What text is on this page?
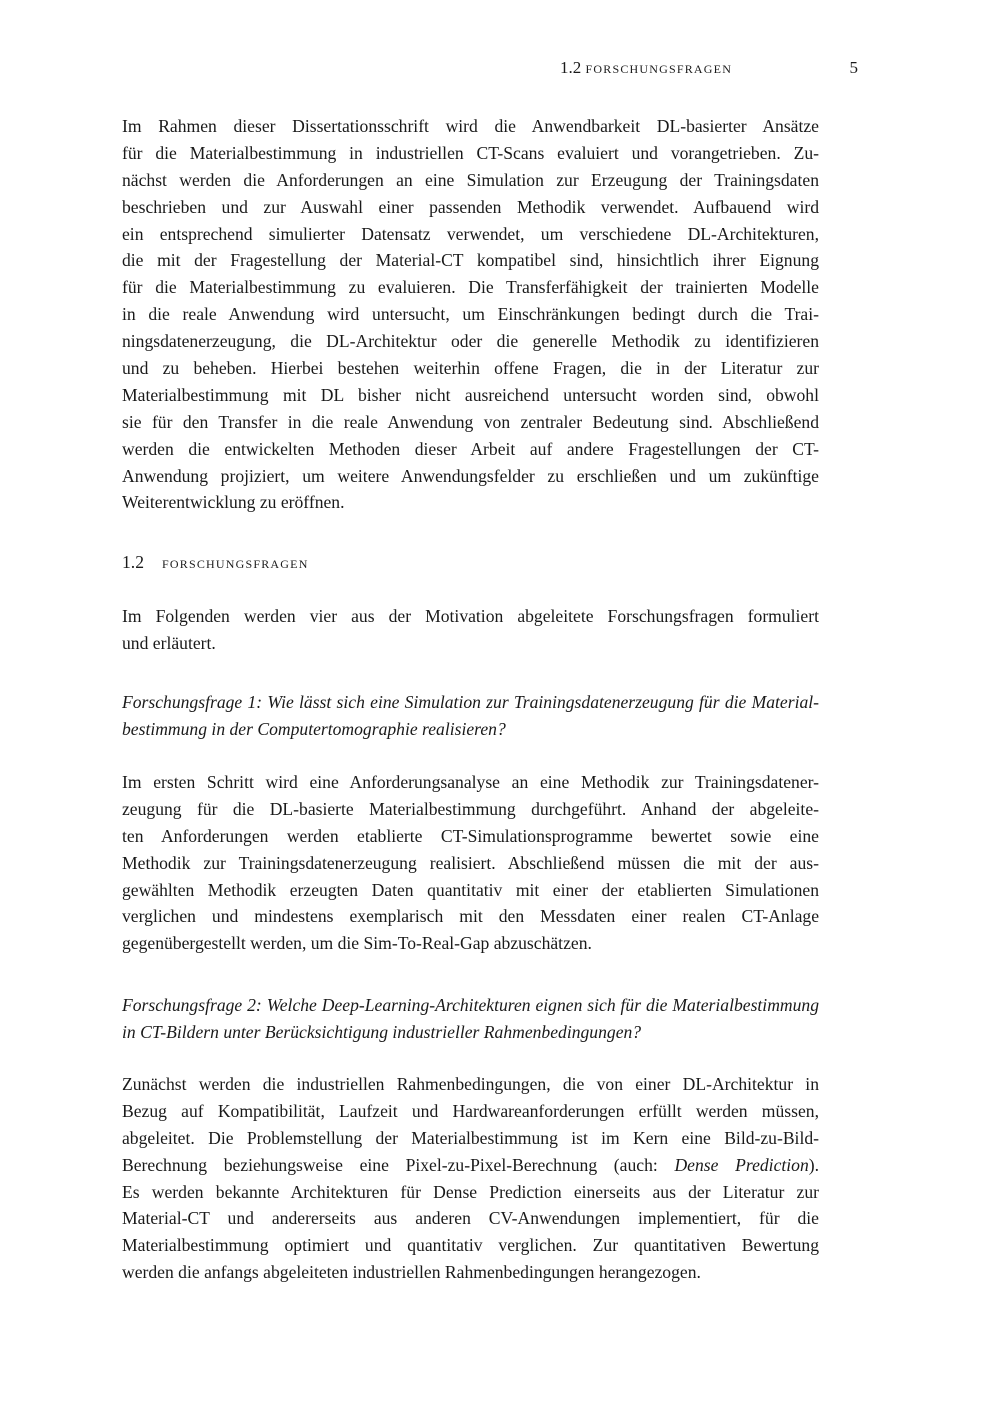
1.2 forschungsfragen	5
Im Rahmen dieser Dissertationsschrift wird die Anwendbarkeit DL-basierter Ansätze
für die Materialbestimmung in industriellen CT-Scans evaluiert und vorangetrieben. Zu-
nächst werden die Anforderungen an eine Simulation zur Erzeugung der Trainingsdaten
beschrieben und zur Auswahl einer passenden Methodik verwendet. Aufbauend wird
ein entsprechend simulierter Datensatz verwendet, um verschiedene DL-Architekturen,
die mit der Fragestellung der Material-CT kompatibel sind, hinsichtlich ihrer Eignung
für die Materialbestimmung zu evaluieren. Die Transferfähigkeit der trainierten Modelle
in die reale Anwendung wird untersucht, um Einschränkungen bedingt durch die Trai-
ningsdatenerzeugung, die DL-Architektur oder die generelle Methodik zu identifizieren
und zu beheben. Hierbei bestehen weiterhin offene Fragen, die in der Literatur zur
Materialbestimmung mit DL bisher nicht ausreichend untersucht worden sind, obwohl
sie für den Transfer in die reale Anwendung von zentraler Bedeutung sind. Abschließend
werden die entwickelten Methoden dieser Arbeit auf andere Fragestellungen der CT-
Anwendung projiziert, um weitere Anwendungsfelder zu erschließen und um zukünftige
Weiterentwicklung zu eröffnen.
1.2 forschungsfragen
Im Folgenden werden vier aus der Motivation abgeleitete Forschungsfragen formuliert
und erläutert.
Forschungsfrage 1: Wie lässt sich eine Simulation zur Trainingsdatenerzeugung für die Material-
bestimmung in der Computertomographie realisieren?
Im ersten Schritt wird eine Anforderungsanalyse an eine Methodik zur Trainingsdatener-
zeugung für die DL-basierte Materialbestimmung durchgeführt. Anhand der abgeleite-
ten Anforderungen werden etablierte CT-Simulationsprogramme bewertet sowie eine
Methodik zur Trainingsdatenerzeugung realisiert. Abschließend müssen die mit der aus-
gewählten Methodik erzeugten Daten quantitativ mit einer der etablierten Simulationen
verglichen und mindestens exemplarisch mit den Messdaten einer realen CT-Anlage
gegenübergestellt werden, um die Sim-To-Real-Gap abzuschätzen.
Forschungsfrage 2: Welche Deep-Learning-Architekturen eignen sich für die Materialbestimmung
in CT-Bildern unter Berücksichtigung industrieller Rahmenbedingungen?
Zunächst werden die industriellen Rahmenbedingungen, die von einer DL-Architektur in
Bezug auf Kompatibilität, Laufzeit und Hardwareanforderungen erfüllt werden müssen,
abgeleitet. Die Problemstellung der Materialbestimmung ist im Kern eine Bild-zu-Bild-
Berechnung beziehungsweise eine Pixel-zu-Pixel-Berechnung (auch: Dense Prediction).
Es werden bekannte Architekturen für Dense Prediction einerseits aus der Literatur zur
Material-CT und andererseits aus anderen CV-Anwendungen implementiert, für die
Materialbestimmung optimiert und quantitativ verglichen. Zur quantitativen Bewertung
werden die anfangs abgeleiteten industriellen Rahmenbedingungen herangezogen.
